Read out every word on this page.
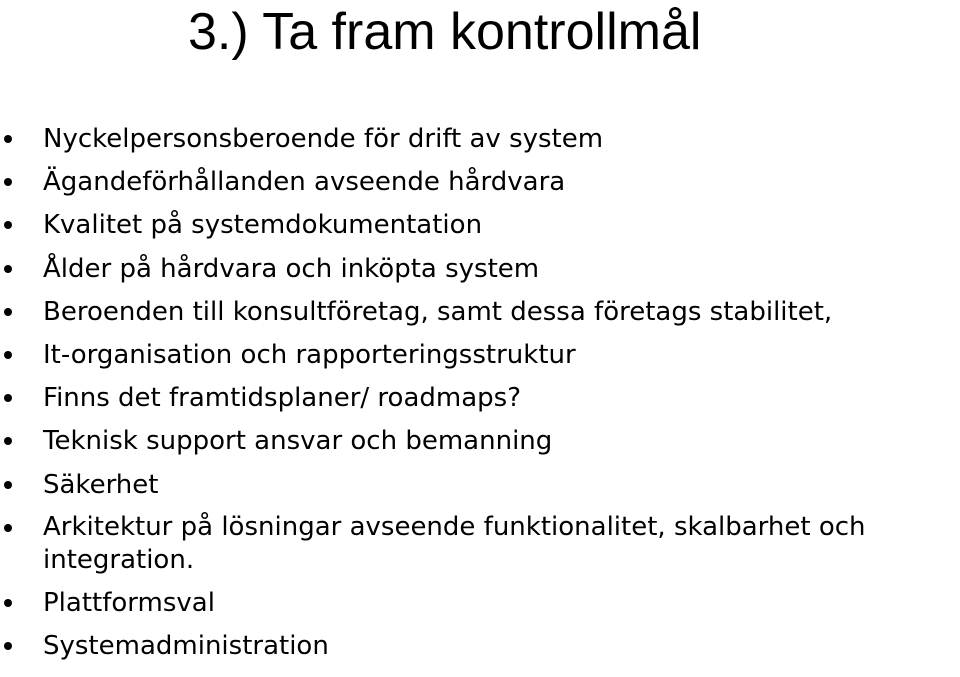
3.) Ta fram kontrollmål
Nyckelpersonsberoende för drift av system
Ägandeförhållanden avseende hårdvara
Kvalitet på systemdokumentation
Ålder på hårdvara och inköpta system
Beroenden till konsultföretag, samt dessa företags stabilitet,
It-organisation och rapporteringsstruktur
Finns det framtidsplaner/ roadmaps?
Teknisk support ansvar och bemanning
Säkerhet
Arkitektur på lösningar avseende funktionalitet, skalbarhet och integration.
Plattformsval
Systemadministration
